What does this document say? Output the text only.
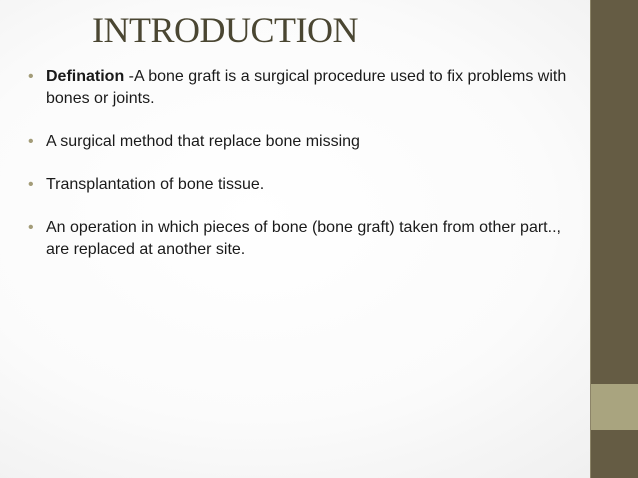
INTRODUCTION
• Defination -A bone graft is a surgical procedure used to fix problems with bones or joints.
• A surgical method that replace bone missing
• Transplantation of bone tissue.
• An operation in which pieces of bone (bone graft) taken from other part.., are replaced at another site.
